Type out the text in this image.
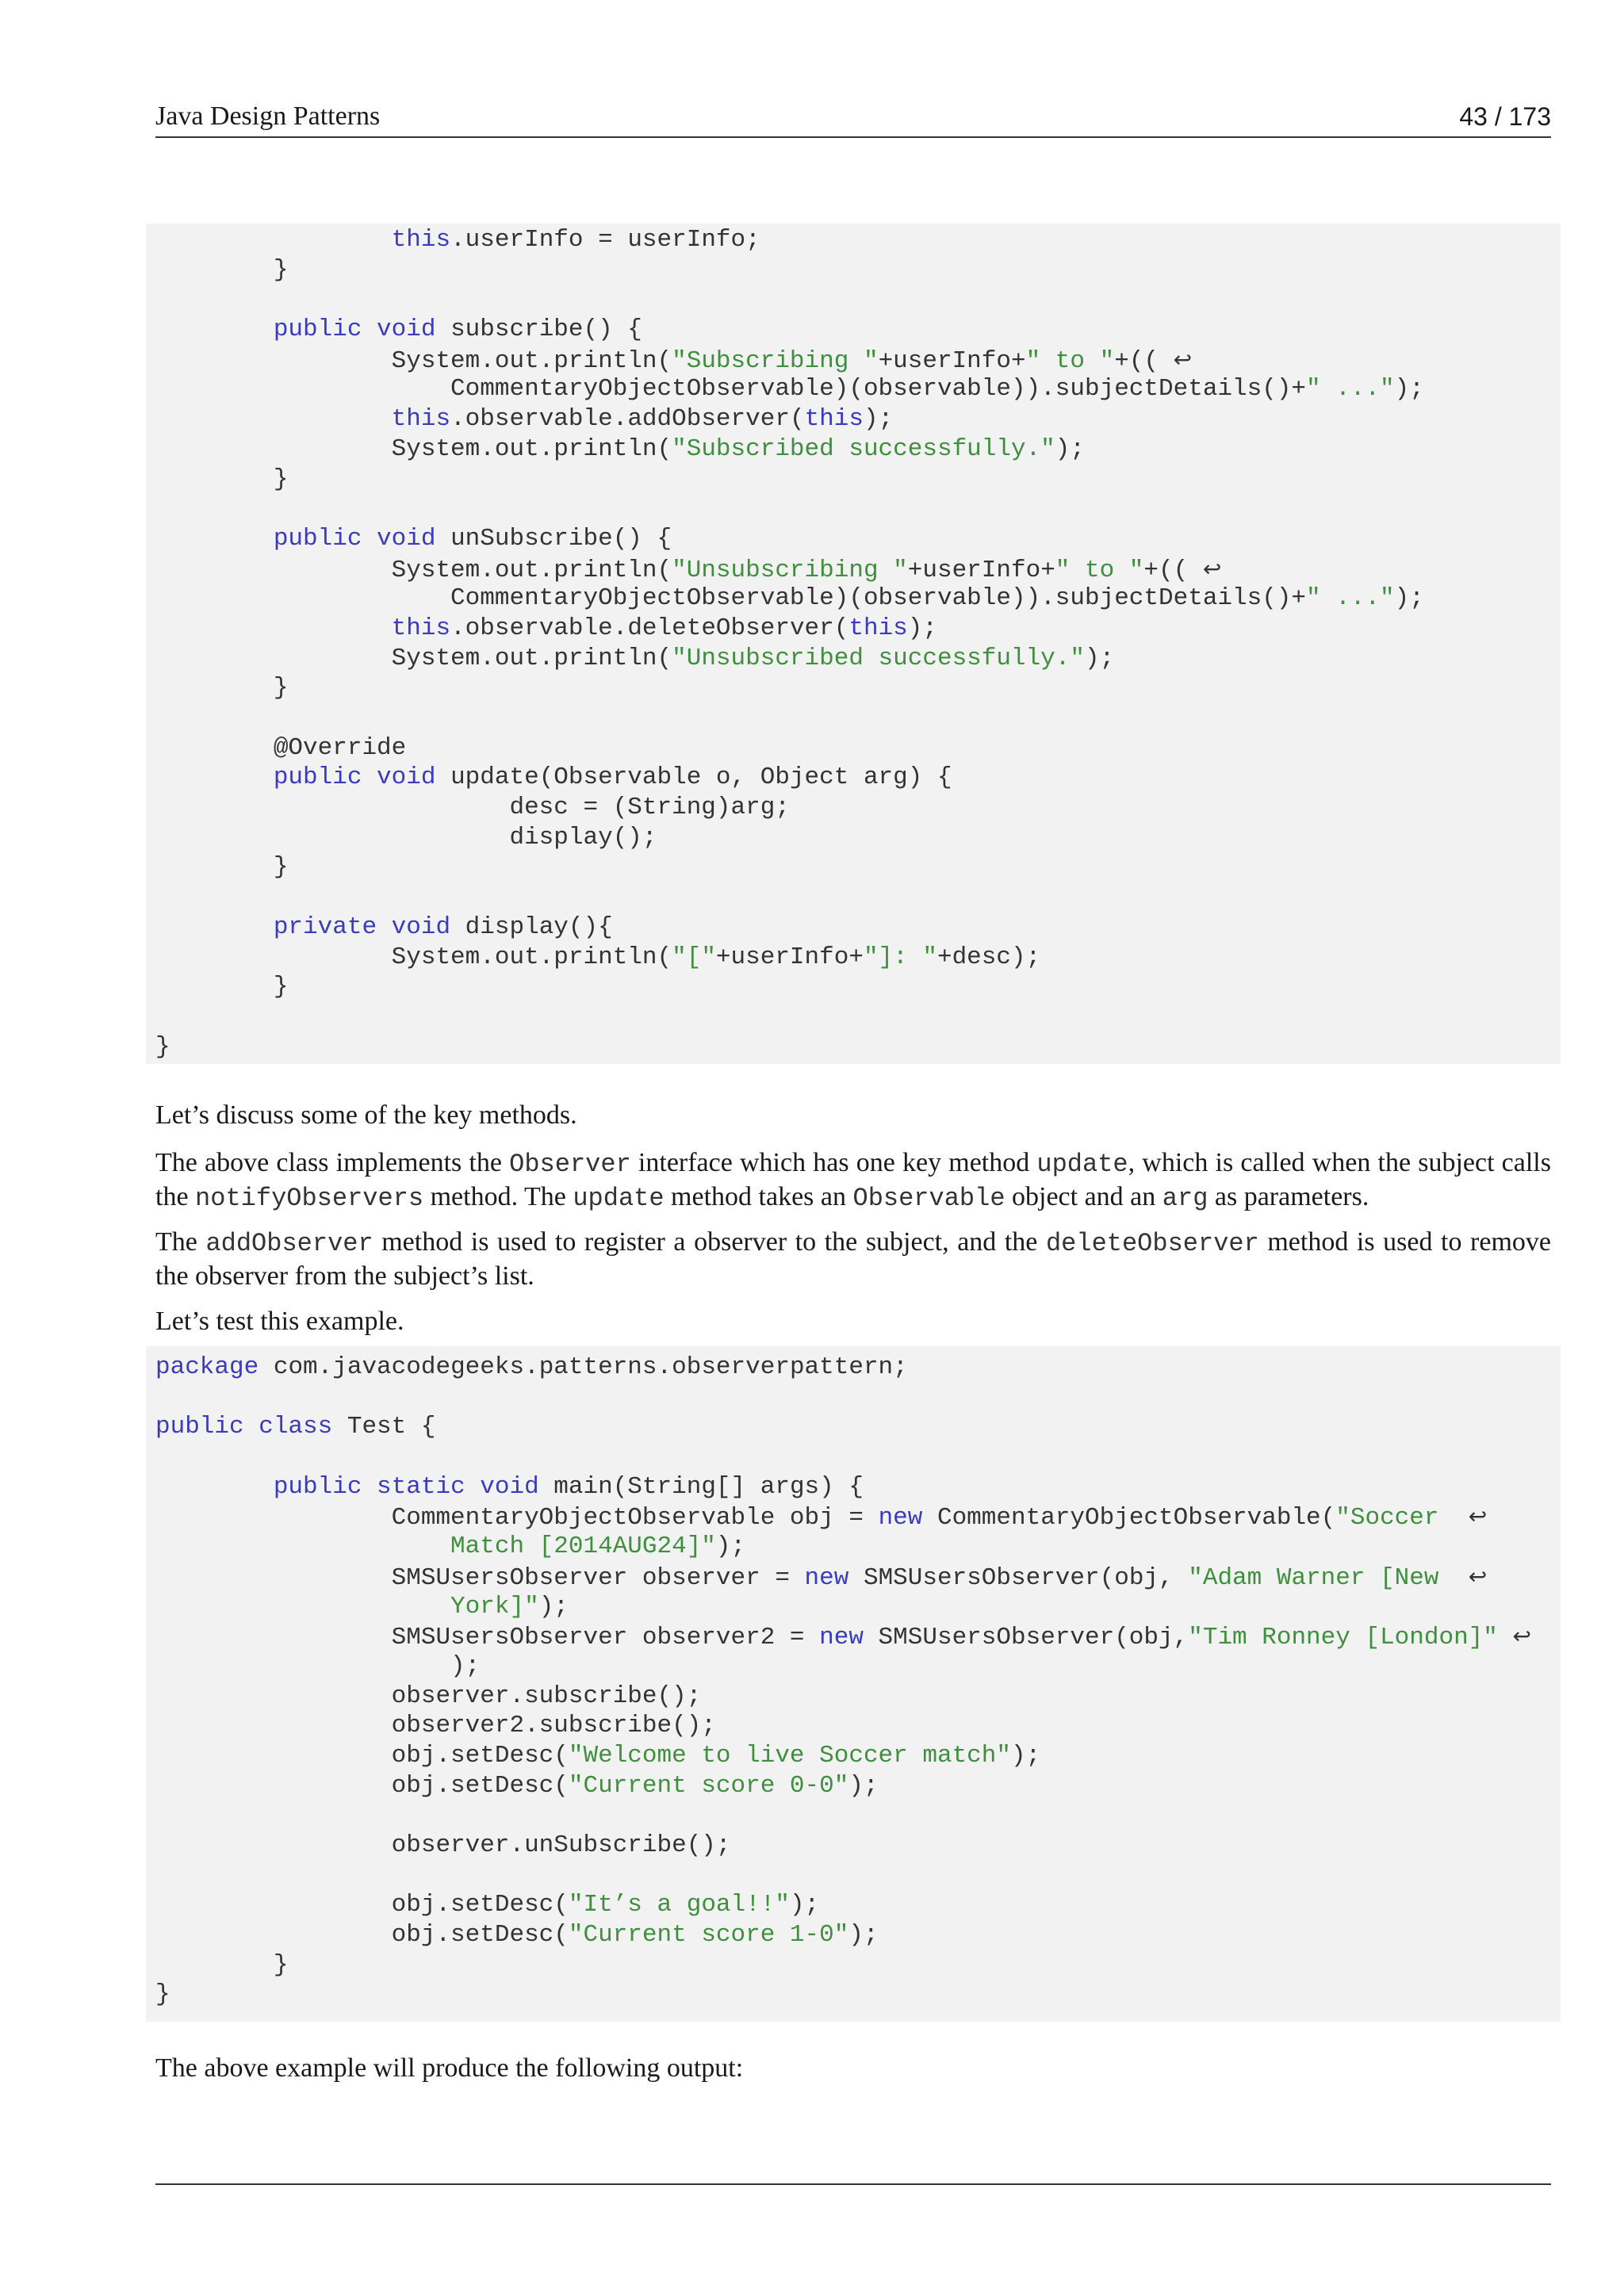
Java Design Patterns	43 / 173
this.userInfo = userInfo;
}

public void subscribe() {
System.out.println("Subscribing "+userInfo+" to "+(( ↩
CommentaryObjectObservable)(observable)).subjectDetails()+" ...");
this.observable.addObserver(this);
System.out.println("Subscribed successfully.");
}

public void unSubscribe() {
System.out.println("Unsubscribing "+userInfo+" to "+(( ↩
CommentaryObjectObservable)(observable)).subjectDetails()+" ...");
this.observable.deleteObserver(this);
System.out.println("Unsubscribed successfully.");
}

@Override
public void update(Observable o, Object arg) {
desc = (String)arg;
display();
}

private void display(){
System.out.println("["+userInfo+"]: "+desc);
}

}

Let’s discuss some of the key methods.

The above class implements the Observer interface which has one key method update, which is called when the subject calls the notifyObservers method. The update method takes an Observable object and an arg as parameters.

The addObserver method is used to register a observer to the subject, and the deleteObserver method is used to remove the observer from the subject’s list.

Let’s test this example.

package com.javacodegeeks.patterns.observerpattern;

public class Test {

public static void main(String[] args) {
CommentaryObjectObservable obj = new CommentaryObjectObservable("Soccer  ↩
Match [2014AUG24]");
SMSUsersObserver observer = new SMSUsersObserver(obj, "Adam Warner [New  ↩
York]");
SMSUsersObserver observer2 = new SMSUsersObserver(obj,"Tim Ronney [London]" ↩
);
observer.subscribe();
observer2.subscribe();
obj.setDesc("Welcome to live Soccer match");
obj.setDesc("Current score 0-0");

observer.unSubscribe();

obj.setDesc("It’s a goal!!");
obj.setDesc("Current score 1-0");
}
}

The above example will produce the following output:
